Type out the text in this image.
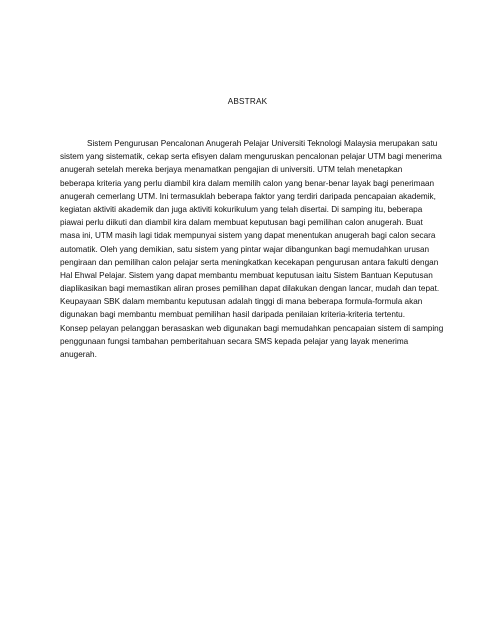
ABSTRAK
Sistem Pengurusan Pencalonan Anugerah Pelajar Universiti Teknologi Malaysia merupakan satu
sistem yang sistematik, cekap serta efisyen dalam menguruskan pencalonan pelajar UTM bagi menerima
anugerah setelah mereka berjaya menamatkan pengajian di universiti. UTM telah menetapkan
beberapa kriteria yang perlu diambil kira dalam memilih calon yang benar-benar layak bagi penerimaan
anugerah cemerlang UTM. Ini termasuklah beberapa faktor yang terdiri daripada pencapaian akademik,
kegiatan aktiviti akademik dan juga aktiviti kokurikulum yang telah disertai. Di samping itu, beberapa
piawai perlu diikuti dan diambil kira dalam membuat keputusan bagi pemilihan calon anugerah. Buat
masa ini, UTM masih lagi tidak mempunyai sistem yang dapat menentukan anugerah bagi calon secara
automatik. Oleh yang demikian, satu sistem yang pintar wajar dibangunkan bagi memudahkan urusan
pengiraan dan pemilihan calon pelajar serta meningkatkan kecekapan pengurusan antara fakulti dengan
Hal Ehwal Pelajar. Sistem yang dapat membantu membuat keputusan iaitu Sistem Bantuan Keputusan
diaplikasikan bagi memastikan aliran proses pemilihan dapat dilakukan dengan lancar, mudah dan tepat.
Keupayaan SBK dalam membantu keputusan adalah tinggi di mana beberapa formula-formula akan
digunakan bagi membantu membuat pemilihan hasil daripada penilaian kriteria-kriteria tertentu.
Konsep pelayan pelanggan berasaskan web digunakan bagi memudahkan pencapaian sistem di samping
penggunaan fungsi tambahan pemberitahuan secara SMS kepada pelajar yang layak menerima
anugerah.
